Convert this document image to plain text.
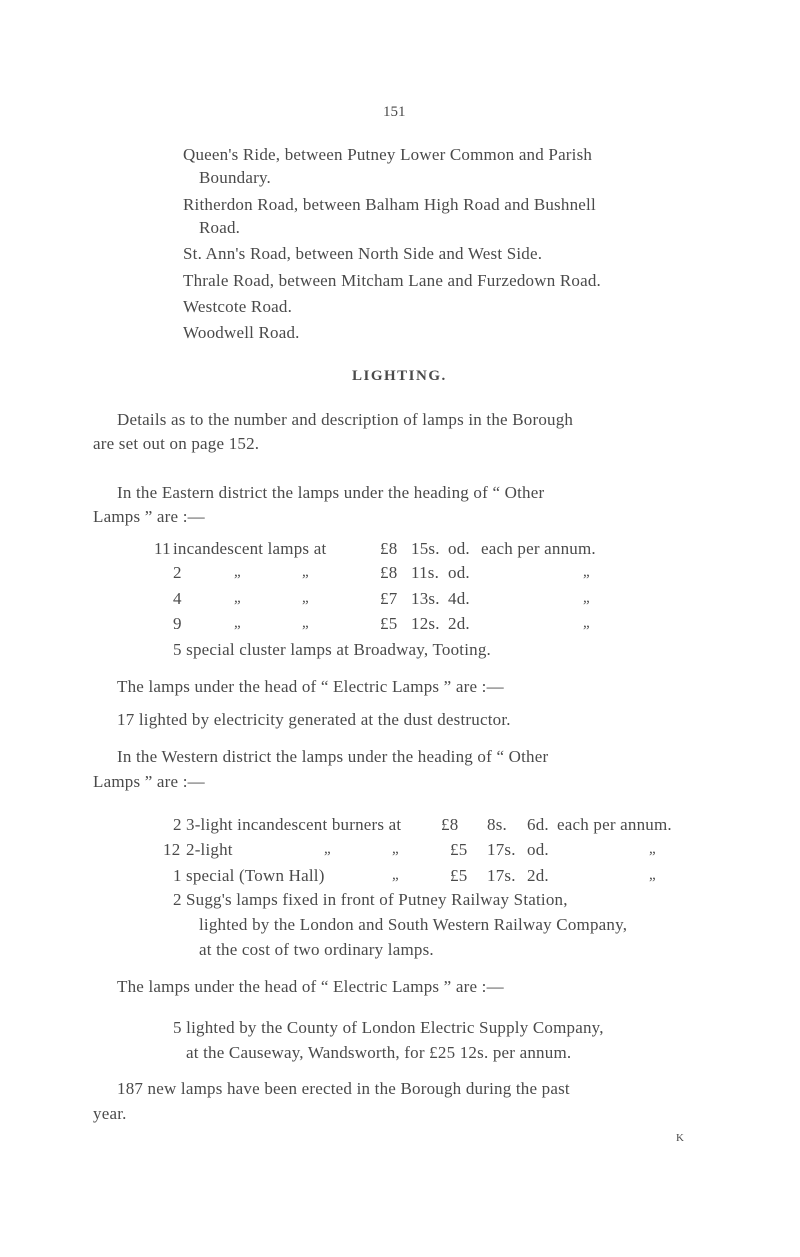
151
Queen's Ride, between Putney Lower Common and Parish
Boundary.
Ritherdon Road, between Balham High Road and Bushnell
Road.
St. Ann's Road, between North Side and West Side.
Thrale Road, between Mitcham Lane and Furzedown Road.
Westcote Road.
Woodwell Road.
LIGHTING.
Details as to the number and description of lamps in the Borough
are set out on page 152.
In the Eastern district the lamps under the heading of “ Other
Lamps ” are :—
11 incandescent lamps at	£8 15s. od. each per annum.
2	„	„	£8 11s. od.	„
4	„	„	£7 13s. 4d.	„
9	„	„	£5 12s. 2d.	„
5 special cluster lamps at Broadway, Tooting.
The lamps under the head of “ Electric Lamps ” are :—
17 lighted by electricity generated at the dust destructor.
In the Western district the lamps under the heading of “ Other
Lamps ” are :—
2 3-light incandescent burners at £8 8s. 6d. each per annum.
12 2-light	„	„	£5 17s. od.	„
1 special (Town Hall)	„	£5 17s. 2d.	„
2 Sugg's lamps fixed in front of Putney Railway Station,
lighted by the London and South Western Railway Company,
at the cost of two ordinary lamps.
The lamps under the head of “ Electric Lamps ” are :—
5 lighted by the County of London Electric Supply Company,
at the Causeway, Wandsworth, for £25 12s. per annum.
187 new lamps have been erected in the Borough during the past
year.
K
